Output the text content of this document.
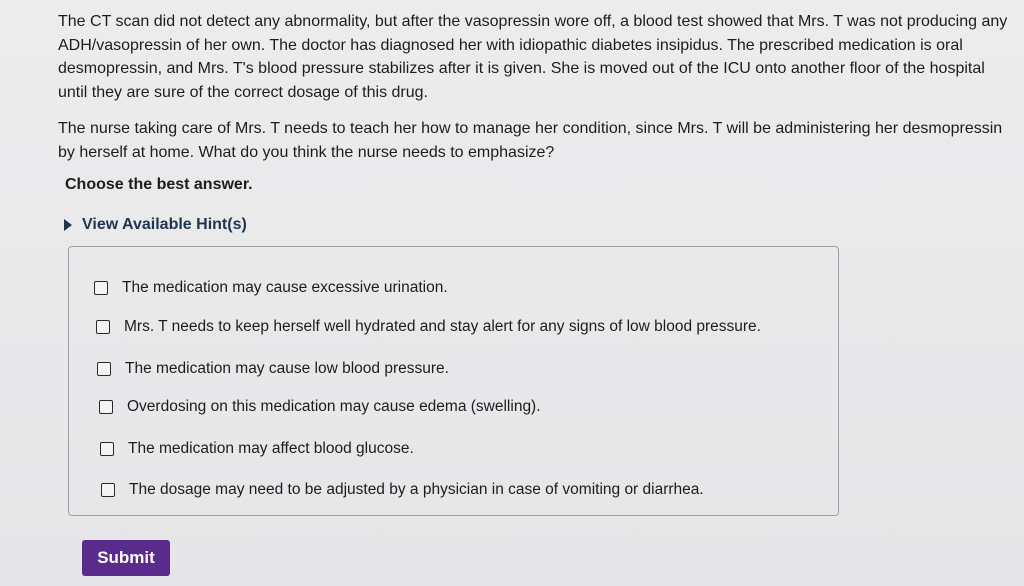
The CT scan did not detect any abnormality, but after the vasopressin wore off, a blood test showed that Mrs. T was not producing any ADH/vasopressin of her own. The doctor has diagnosed her with idiopathic diabetes insipidus. The prescribed medication is oral desmopressin, and Mrs. T's blood pressure stabilizes after it is given. She is moved out of the ICU onto another floor of the hospital until they are sure of the correct dosage of this drug.

The nurse taking care of Mrs. T needs to teach her how to manage her condition, since Mrs. T will be administering her desmopressin by herself at home. What do you think the nurse needs to emphasize?

Choose the best answer.

View Available Hint(s)
The medication may cause excessive urination.
Mrs. T needs to keep herself well hydrated and stay alert for any signs of low blood pressure.
The medication may cause low blood pressure.
Overdosing on this medication may cause edema (swelling).
The medication may affect blood glucose.
The dosage may need to be adjusted by a physician in case of vomiting or diarrhea.
Submit
